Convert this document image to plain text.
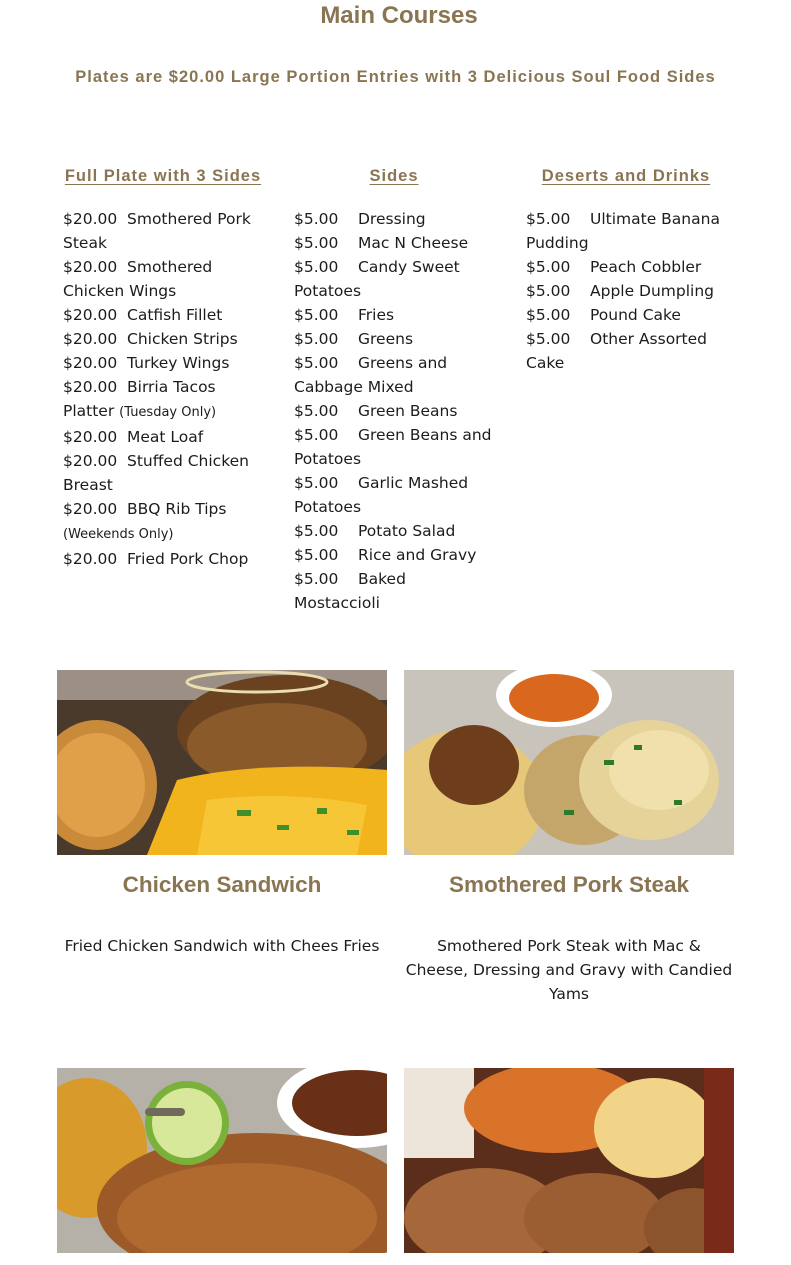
Main Courses
Plates are $20.00 Large Portion Entries with 3 Delicious Soul Food Sides
Full Plate with 3 Sides
$20.00 Smothered Pork Steak
$20.00 Smothered Chicken Wings
$20.00 Catfish Fillet
$20.00 Chicken Strips
$20.00 Turkey Wings
$20.00 Birria Tacos Platter (Tuesday Only)
$20.00 Meat Loaf
$20.00 Stuffed Chicken Breast
$20.00 BBQ Rib Tips (Weekends Only)
$20.00 Fried Pork Chop
Sides
$5.00 Dressing
$5.00 Mac N Cheese
$5.00 Candy Sweet Potatoes
$5.00 Fries
$5.00 Greens
$5.00 Greens and Cabbage Mixed
$5.00 Green Beans
$5.00 Green Beans and Potatoes
$5.00 Garlic Mashed Potatoes
$5.00 Potato Salad
$5.00 Rice and Gravy
$5.00 Baked Mostaccioli
Deserts and Drinks
$5.00 Ultimate Banana Pudding
$5.00 Peach Cobbler
$5.00 Apple Dumpling
$5.00 Pound Cake
$5.00 Other Assorted Cake
Chicken Sandwich

Fried Chicken Sandwich with Chees Fries

Smothered Pork Steak

Smothered Pork Steak with Mac & Cheese, Dressing and Gravy with Candied Yams
